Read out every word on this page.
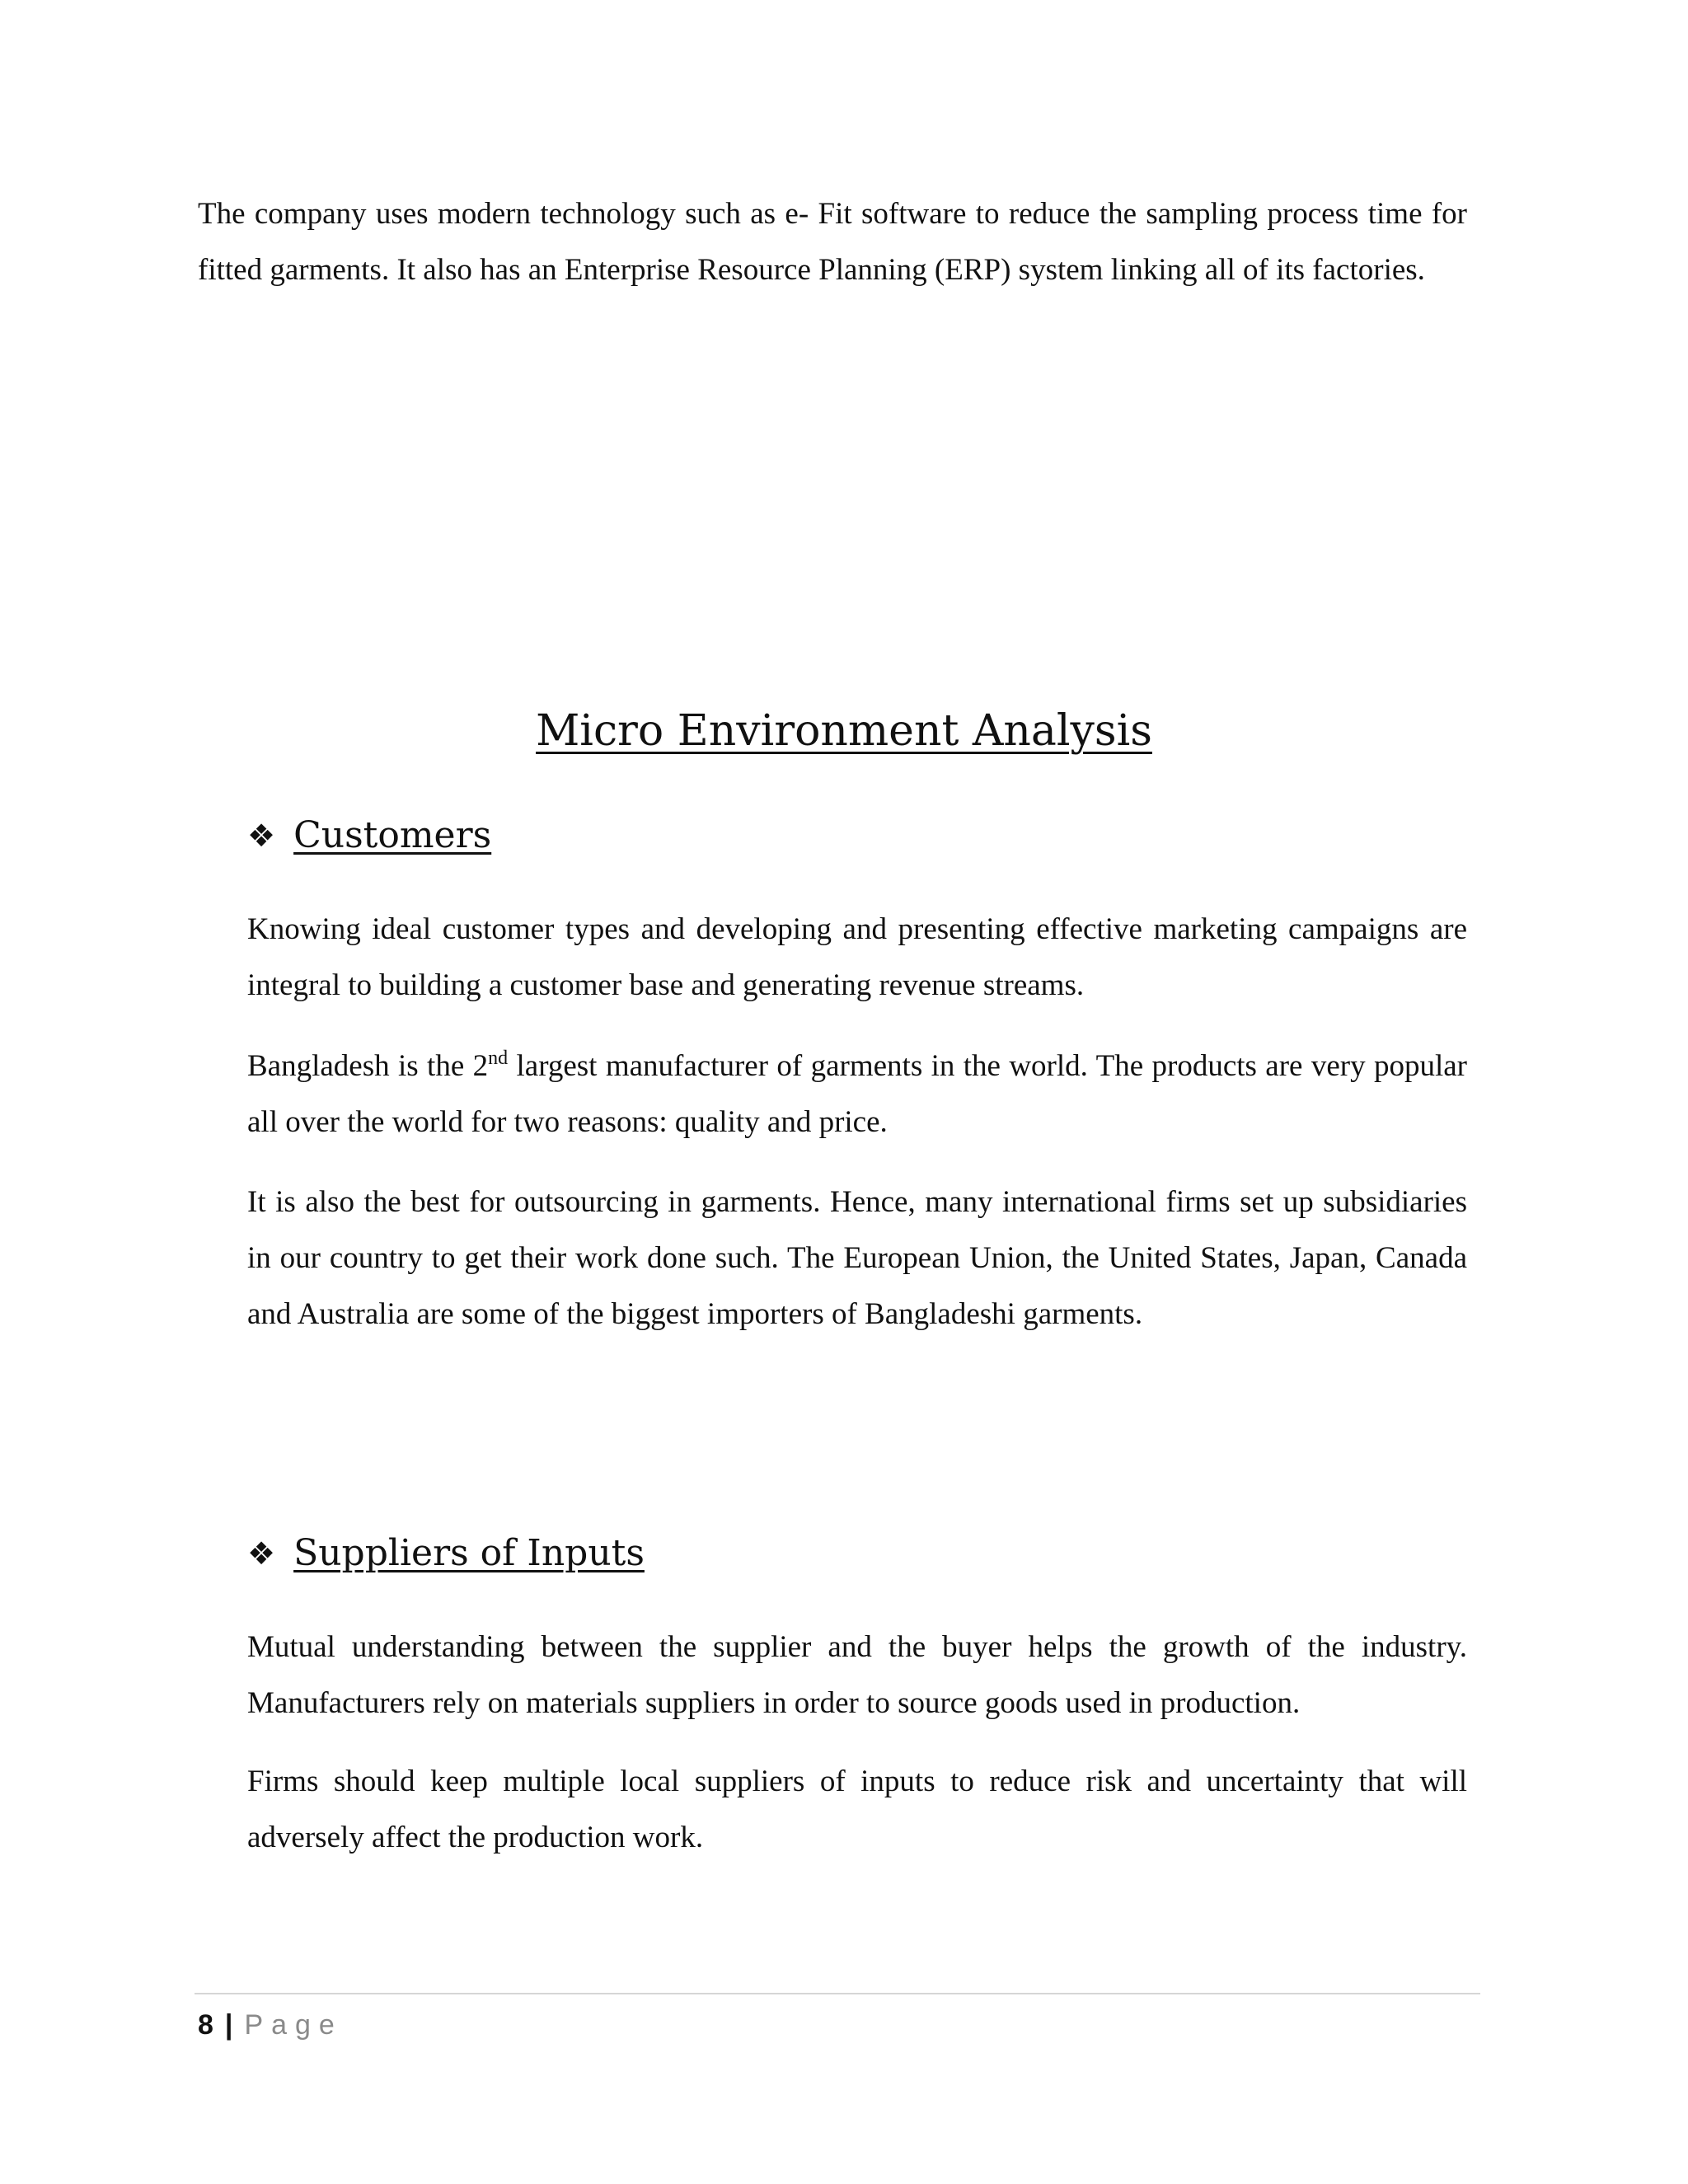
The company uses modern technology such as e- Fit software to reduce the sampling process time for fitted garments. It also has an Enterprise Resource Planning (ERP) system linking all of its factories.

Micro Environment Analysis
❖ Customers

Knowing ideal customer types and developing and presenting effective marketing campaigns are integral to building a customer base and generating revenue streams.

Bangladesh is the 2nd largest manufacturer of garments in the world. The products are very popular all over the world for two reasons: quality and price.

It is also the best for outsourcing in garments. Hence, many international firms set up subsidiaries in our country to get their work done such. The European Union, the United States, Japan, Canada and Australia are some of the biggest importers of Bangladeshi garments.

❖ Suppliers of Inputs

Mutual understanding between the supplier and the buyer helps the growth of the industry. Manufacturers rely on materials suppliers in order to source goods used in production.

Firms should keep multiple local suppliers of inputs to reduce risk and uncertainty that will adversely affect the production work.

8 | Page
